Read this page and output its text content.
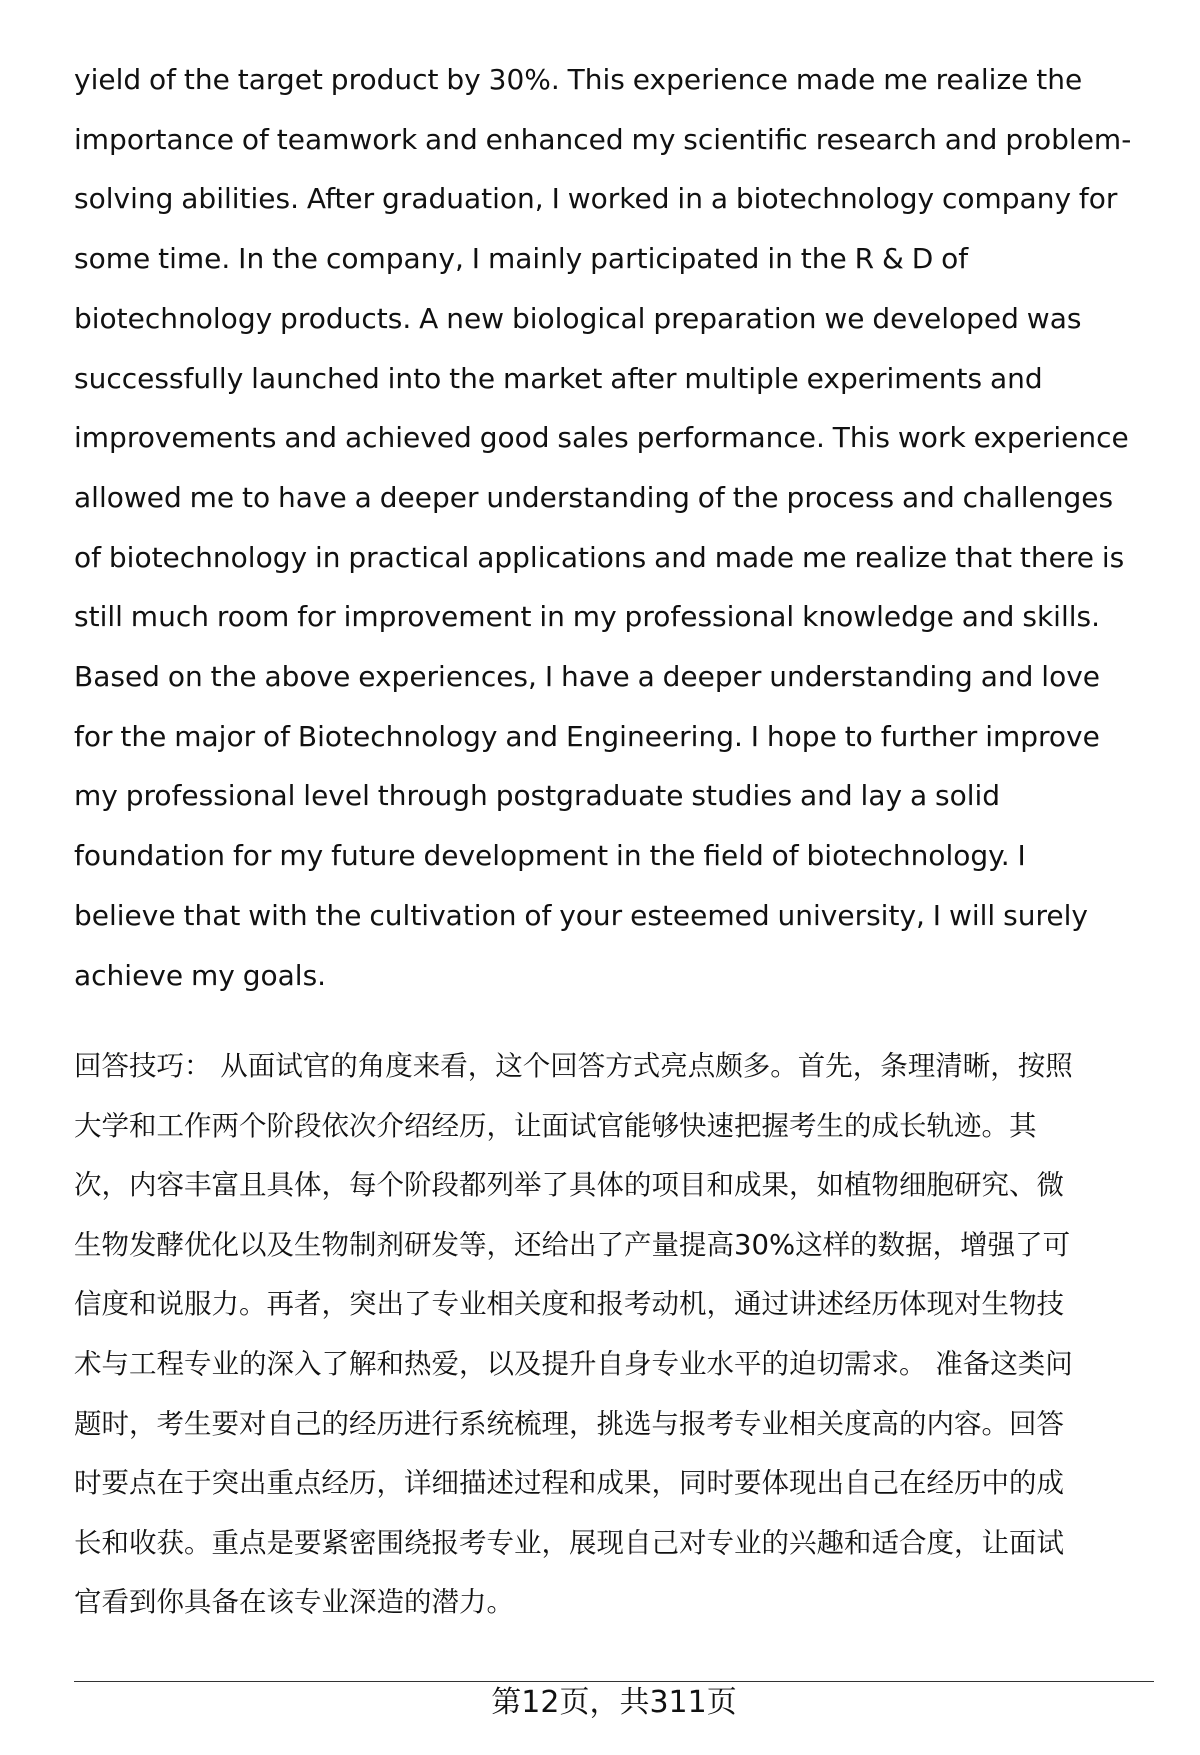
yield of the target product by 30%. This experience made me realize the
importance of teamwork and enhanced my scientific research and problem-
solving abilities. After graduation, I worked in a biotechnology company for
some time. In the company, I mainly participated in the R & D of
biotechnology products. A new biological preparation we developed was
successfully launched into the market after multiple experiments and
improvements and achieved good sales performance. This work experience
allowed me to have a deeper understanding of the process and challenges
of biotechnology in practical applications and made me realize that there is
still much room for improvement in my professional knowledge and skills.
Based on the above experiences, I have a deeper understanding and love
for the major of Biotechnology and Engineering. I hope to further improve
my professional level through postgraduate studies and lay a solid
foundation for my future development in the field of biotechnology. I
believe that with the cultivation of your esteemed university, I will surely
achieve my goals.
回答技巧： 从面试官的角度来看，这个回答方式亮点颇多。首先，条理清晰，按照
大学和工作两个阶段依次介绍经历，让面试官能够快速把握考生的成长轨迹。其
次，内容丰富且具体，每个阶段都列举了具体的项目和成果，如植物细胞研究、微
生物发酵优化以及生物制剂研发等，还给出了产量提高30%这样的数据，增强了可
信度和说服力。再者，突出了专业相关度和报考动机，通过讲述经历体现对生物技
术与工程专业的深入了解和热爱，以及提升自身专业水平的迫切需求。 准备这类问
题时，考生要对自己的经历进行系统梳理，挑选与报考专业相关度高的内容。回答
时要点在于突出重点经历，详细描述过程和成果，同时要体现出自己在经历中的成
长和收获。重点是要紧密围绕报考专业，展现自己对专业的兴趣和适合度，让面试
官看到你具备在该专业深造的潜力。
第12页，共311页
